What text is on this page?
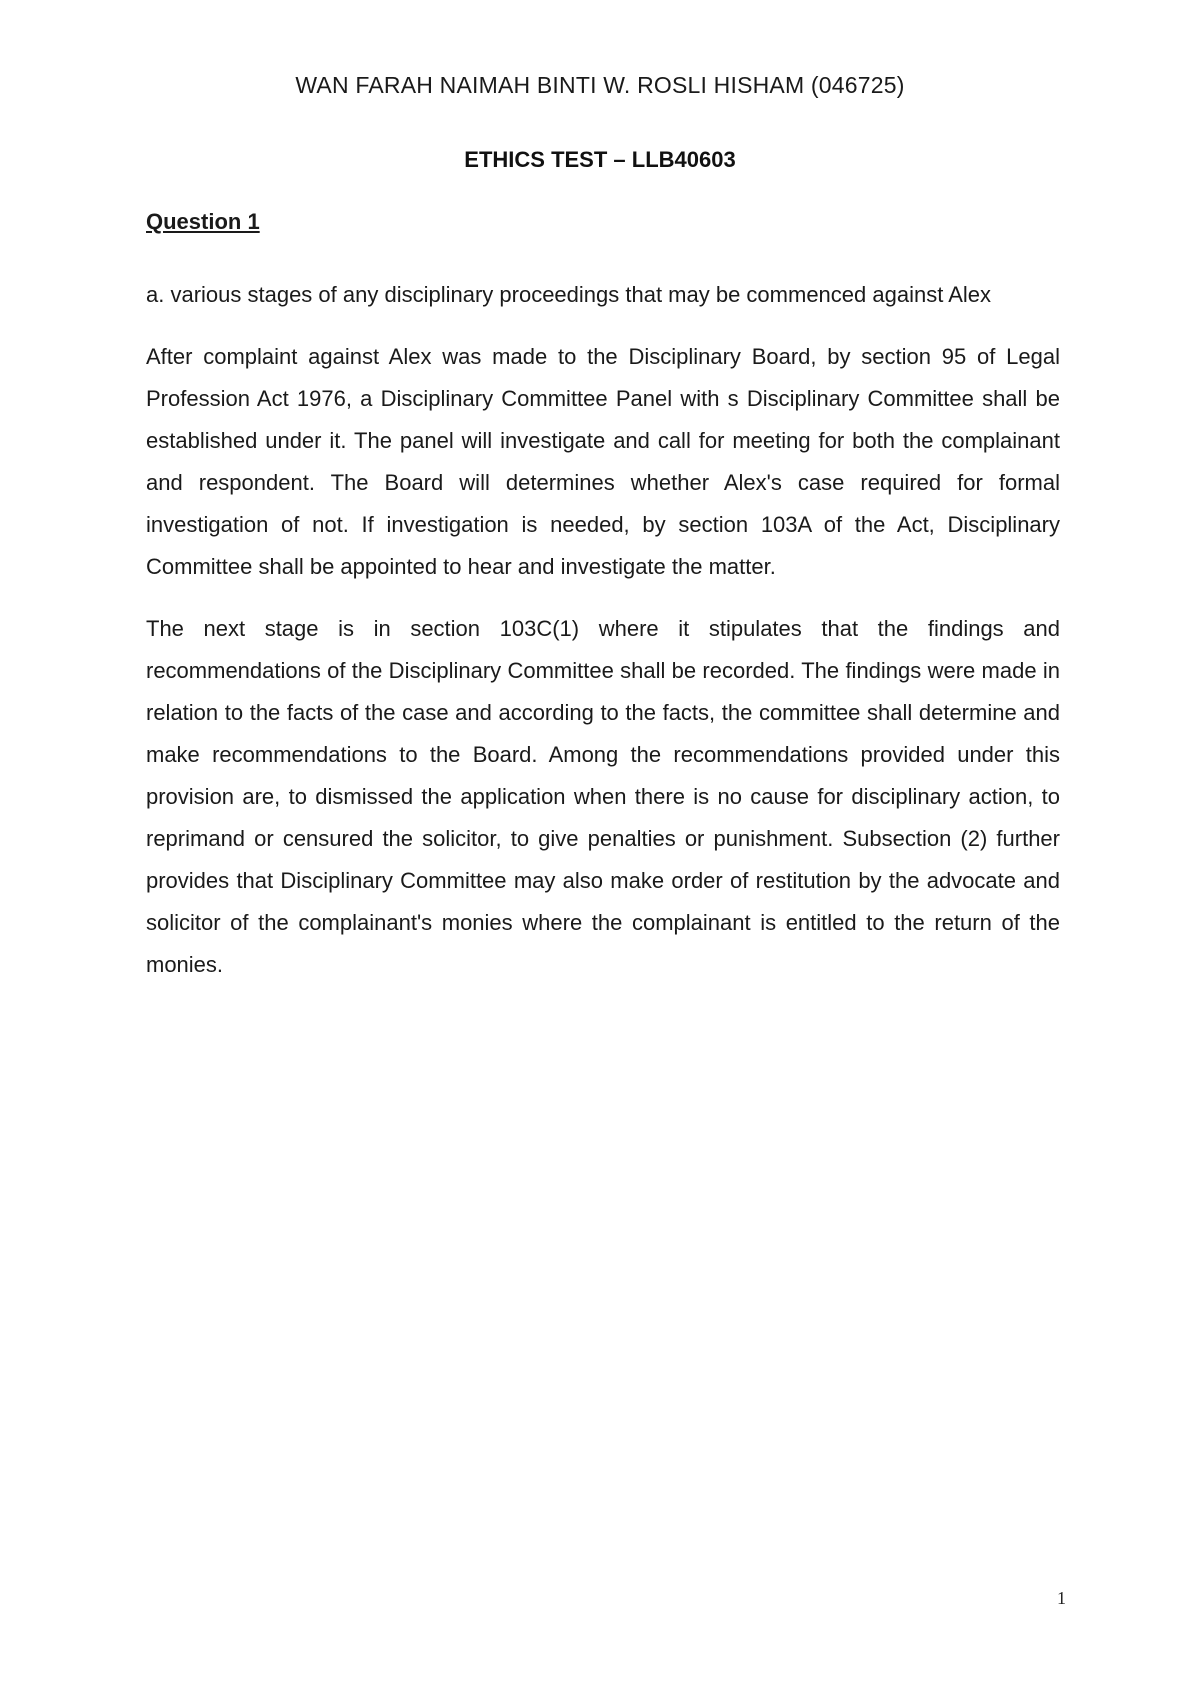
WAN FARAH NAIMAH BINTI W. ROSLI HISHAM (046725)
ETHICS TEST – LLB40603
Question 1

a. various stages of any disciplinary proceedings that may be commenced against Alex

After complaint against Alex was made to the Disciplinary Board, by section 95 of Legal Profession Act 1976, a Disciplinary Committee Panel with s Disciplinary Committee shall be established under it. The panel will investigate and call for meeting for both the complainant and respondent. The Board will determines whether Alex's case required for formal investigation of not. If investigation is needed, by section 103A of the Act, Disciplinary Committee shall be appointed to hear and investigate the matter.

The next stage is in section 103C(1) where it stipulates that the findings and recommendations of the Disciplinary Committee shall be recorded. The findings were made in relation to the facts of the case and according to the facts, the committee shall determine and make recommendations to the Board. Among the recommendations provided under this provision are, to dismissed the application when there is no cause for disciplinary action, to reprimand or censured the solicitor, to give penalties or punishment. Subsection (2) further provides that Disciplinary Committee may also make order of restitution by the advocate and solicitor of the complainant's monies where the complainant is entitled to the return of the monies.

1
